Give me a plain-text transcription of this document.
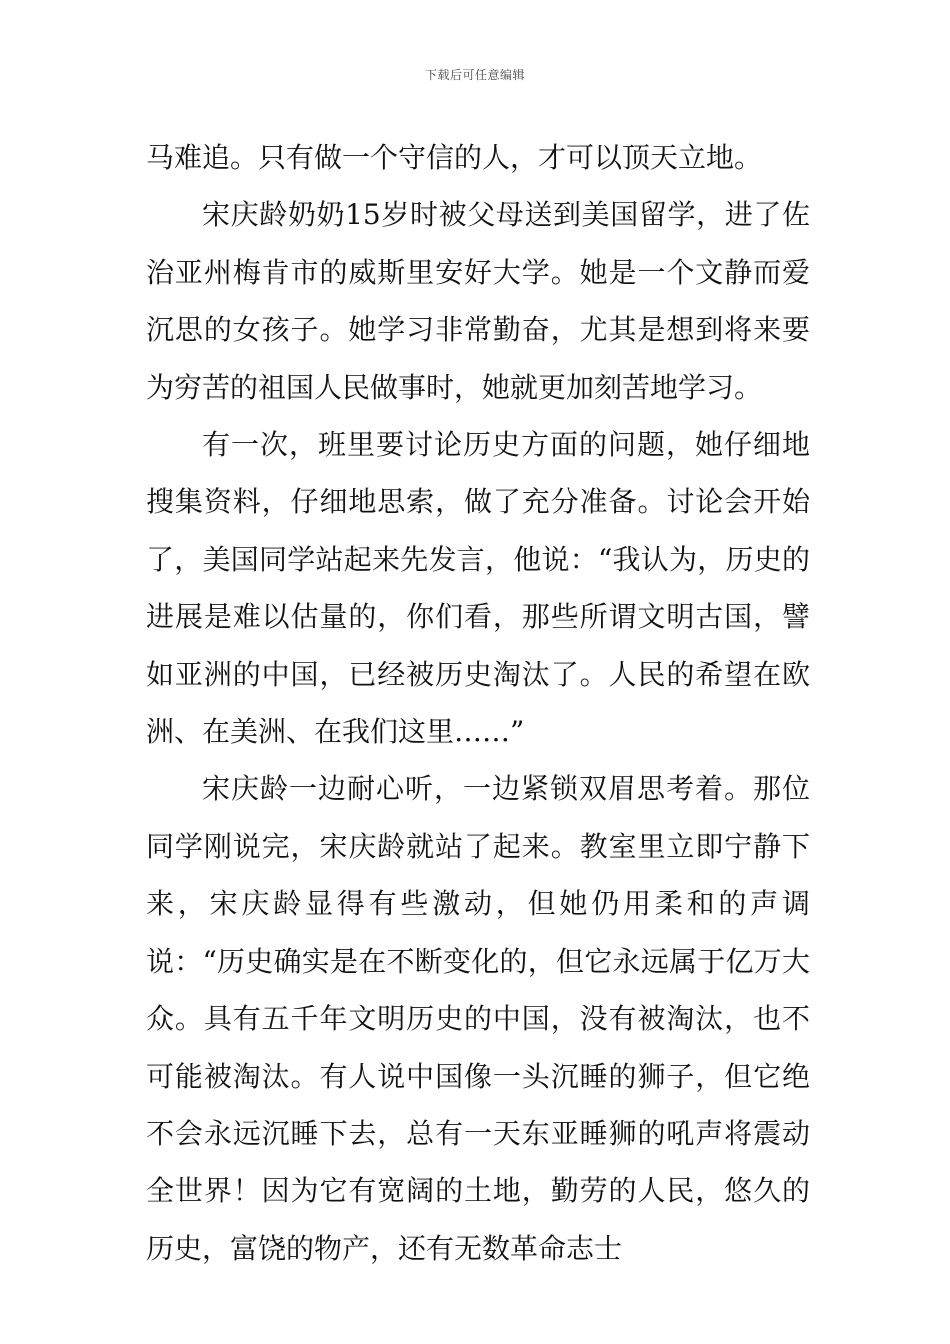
下载后可任意编辑

马难追。只有做一个守信的人，才可以顶天立地。

宋庆龄奶奶15岁时被父母送到美国留学，进了佐治亚州梅肯市的威斯里安好大学。她是一个文静而爱沉思的女孩子。她学习非常勤奋，尤其是想到将来要为穷苦的祖国人民做事时，她就更加刻苦地学习。

有一次，班里要讨论历史方面的问题，她仔细地搜集资料，仔细地思索，做了充分准备。讨论会开始了，美国同学站起来先发言，他说：“我认为，历史的进展是难以估量的，你们看，那些所谓文明古国，譬如亚洲的中国，已经被历史淘汰了。人民的希望在欧洲、在美洲、在我们这里……”

宋庆龄一边耐心听，一边紧锁双眉思考着。那位同学刚说完，宋庆龄就站了起来。教室里立即宁静下来，宋庆龄显得有些激动，但她仍用柔和的声调说：“历史确实是在不断变化的，但它永远属于亿万大众。具有五千年文明历史的中国，没有被淘汰，也不可能被淘汰。有人说中国像一头沉睡的狮子，但它绝不会永远沉睡下去，总有一天东亚睡狮的吼声将震动全世界！因为它有宽阔的土地，勤劳的人民，悠久的历史，富饶的物产，还有无数革命志士
